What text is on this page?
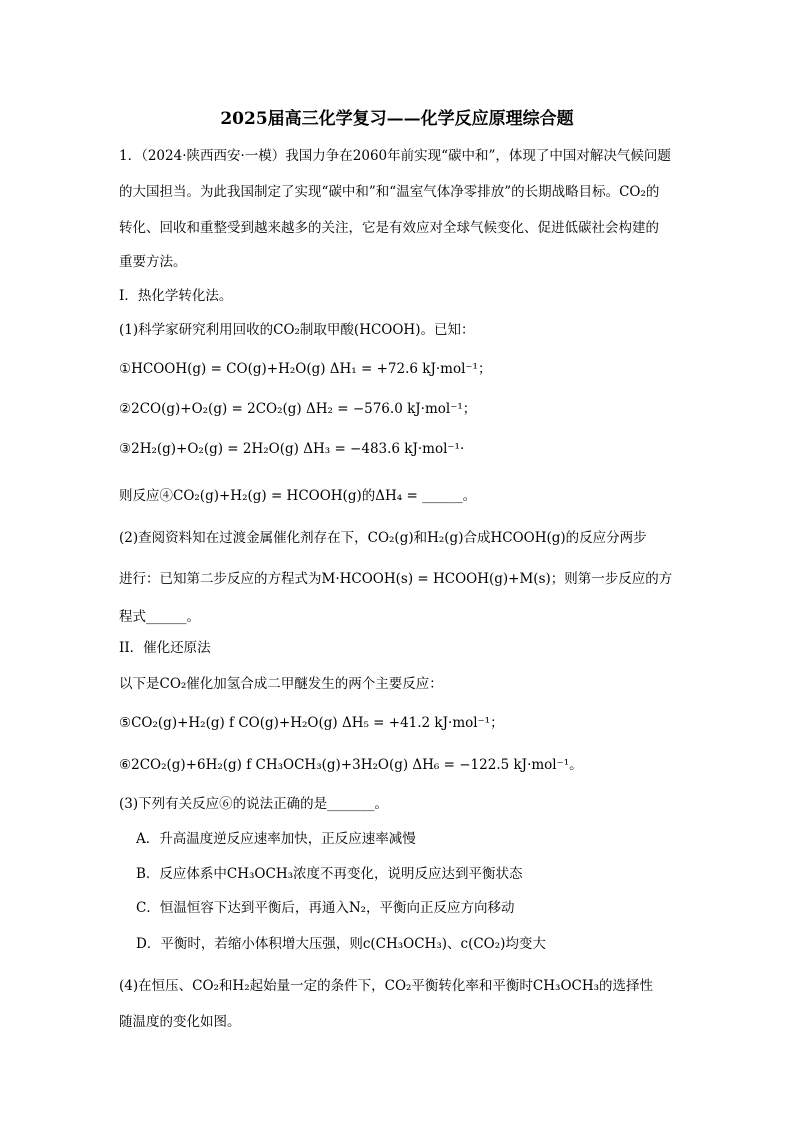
2025届高三化学复习——化学反应原理综合题
1．（2024·陕西西安·一模）我国力争在2060年前实现“碳中和”，体现了中国对解决气候问题
的大国担当。为此我国制定了实现“碳中和”和“温室气体净零排放”的长期战略目标。CO₂的
转化、回收和重整受到越来越多的关注，它是有效应对全球气候变化、促进低碳社会构建的
重要方法。
I．热化学转化法。
(1)科学家研究利用回收的CO₂制取甲酸(HCOOH)。已知：
①HCOOH(g) = CO(g)+H₂O(g) ΔH₁ = +72.6 kJ·mol⁻¹；
②2CO(g)+O₂(g) = 2CO₂(g) ΔH₂ = −576.0 kJ·mol⁻¹；
③2H₂(g)+O₂(g) = 2H₂O(g) ΔH₃ = −483.6 kJ·mol⁻¹·
则反应④CO₂(g)+H₂(g) = HCOOH(g)的ΔH₄ = ______。
(2)查阅资料知在过渡金属催化剂存在下，CO₂(g)和H₂(g)合成HCOOH(g)的反应分两步
进行：已知第二步反应的方程式为M·HCOOH(s) = HCOOH(g)+M(s)；则第一步反应的方
程式______。
II．催化还原法
以下是CO₂催化加氢合成二甲醚发生的两个主要反应：
⑤CO₂(g)+H₂(g) f CO(g)+H₂O(g) ΔH₅ = +41.2 kJ·mol⁻¹；
⑥2CO₂(g)+6H₂(g) f CH₃OCH₃(g)+3H₂O(g) ΔH₆ = −122.5 kJ·mol⁻¹。
(3)下列有关反应⑥的说法正确的是_______。
A．升高温度逆反应速率加快，正反应速率减慢
B．反应体系中CH₃OCH₃浓度不再变化，说明反应达到平衡状态
C．恒温恒容下达到平衡后，再通入N₂，平衡向正反应方向移动
D．平衡时，若缩小体积增大压强，则c(CH₃OCH₃)、c(CO₂)均变大
(4)在恒压、CO₂和H₂起始量一定的条件下，CO₂平衡转化率和平衡时CH₃OCH₃的选择性
随温度的变化如图。
